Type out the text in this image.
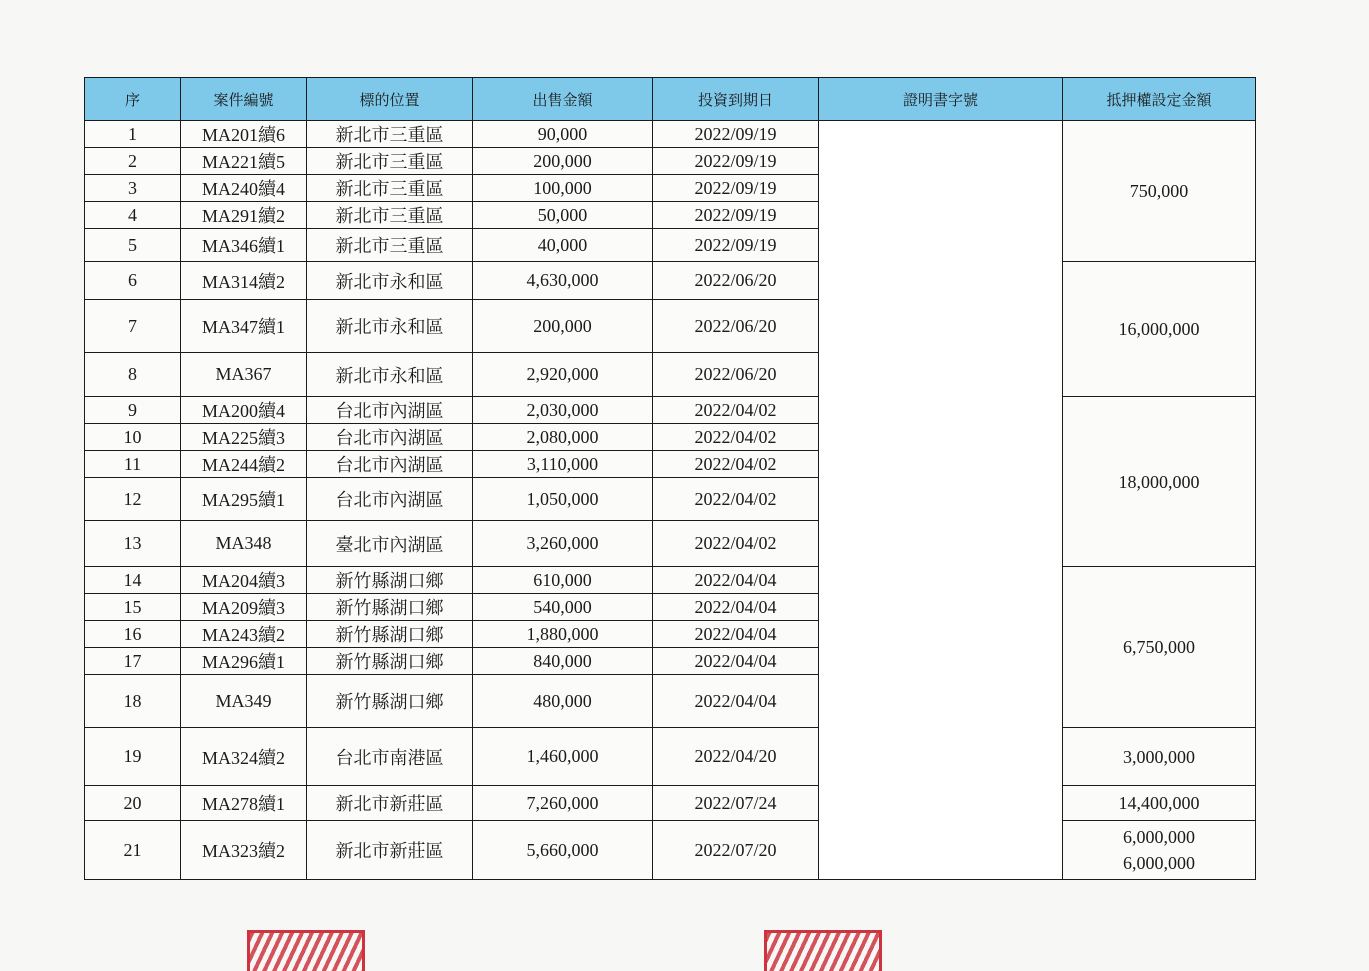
序	案件編號	標的位置	出售金額	投資到期日	證明書字號	抵押權設定金額
1	MA201續6	新北市三重區	90,000	2022/09/19		750,000

2	MA221續5	新北市三重區	200,000	2022/09/19		
3	MA240續4	新北市三重區	100,000	2022/09/19		
4	MA291續2	新北市三重區	50,000	2022/09/19		
5	MA346續1	新北市三重區	40,000	2022/09/19		
6	MA314續2	新北市永和區	4,630,000	2022/06/20		16,000,000

7	MA347續1	新北市永和區	200,000	2022/06/20		
8	MA367	新北市永和區	2,920,000	2022/06/20		
9	MA200續4	台北市內湖區	2,030,000	2022/04/02		18,000,000

10	MA225續3	台北市內湖區	2,080,000	2022/04/02		
11	MA244續2	台北市內湖區	3,110,000	2022/04/02		
12	MA295續1	台北市內湖區	1,050,000	2022/04/02		
13	MA348	臺北市內湖區	3,260,000	2022/04/02		
14	MA204續3	新竹縣湖口鄉	610,000	2022/04/04		6,750,000

15	MA209續3	新竹縣湖口鄉	540,000	2022/04/04		
16	MA243續2	新竹縣湖口鄉	1,880,000	2022/04/04		
17	MA296續1	新竹縣湖口鄉	840,000	2022/04/04		
18	MA349	新竹縣湖口鄉	480,000	2022/04/04		
19	MA324續2	台北市南港區	1,460,000	2022/04/20		3,000,000

20	MA278續1	新北市新莊區	7,260,000	2022/07/24		14,400,000

21	MA323續2	新北市新莊區	5,660,000	2022/07/20		6,000,000
6,000,000
